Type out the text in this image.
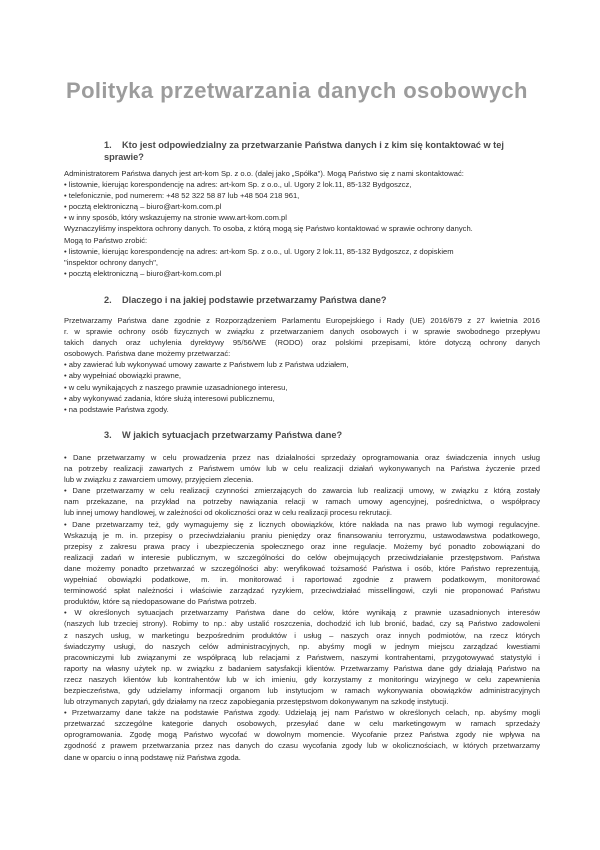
Polityka przetwarzania danych osobowych
1. Kto jest odpowiedzialny za przetwarzanie Państwa danych i z kim się kontaktować w tej sprawie?

Administratorem Państwa danych jest art-kom Sp. z o.o. (dalej jako „Spółka"). Mogą Państwo się z nami skontaktować:

• listownie, kierując korespondencję na adres: art-kom Sp. z o.o., ul. Ugory 2 lok.11, 85-132 Bydgoszcz,

• telefonicznie, pod numerem: +48 52 322 58 87 lub +48 504 218 961,

• pocztą elektroniczną – biuro@art-kom.com.pl

• w inny sposób, który wskazujemy na stronie www.art-kom.com.pl

Wyznaczyliśmy inspektora ochrony danych. To osoba, z którą mogą się Państwo kontaktować w sprawie ochrony danych.

Mogą to Państwo zrobić:

• listownie, kierując korespondencję na adres: art-kom Sp. z o.o., ul. Ugory 2 lok.11, 85-132 Bydgoszcz, z dopiskiem

"inspektor ochrony danych",

• pocztą elektroniczną – biuro@art-kom.com.pl

2. Dlaczego i na jakiej podstawie przetwarzamy Państwa dane?

Przetwarzamy Państwa dane zgodnie z Rozporządzeniem Parlamentu Europejskiego i Rady (UE) 2016/679 z 27 kwietnia 2016

r. w sprawie ochrony osób fizycznych w związku z przetwarzaniem danych osobowych i w sprawie swobodnego przepływu

takich danych oraz uchylenia dyrektywy 95/56/WE (RODO) oraz polskimi przepisami, które dotyczą ochrony danych

osobowych. Państwa dane możemy przetwarzać:

• aby zawierać lub wykonywać umowy zawarte z Państwem lub z Państwa udziałem,

• aby wypełniać obowiązki prawne,

• w celu wynikających z naszego prawnie uzasadnionego interesu,

• aby wykonywać zadania, które służą interesowi publicznemu,

• na podstawie Państwa zgody.

3. W jakich sytuacjach przetwarzamy Państwa dane?

• Dane przetwarzamy w celu prowadzenia przez nas działalności sprzedaży oprogramowania oraz świadczenia innych usług

na potrzeby realizacji zawartych z Państwem umów lub w celu realizacji działań wykonywanych na Państwa życzenie przed

lub w związku z zawarciem umowy, przyjęciem zlecenia.

• Dane przetwarzamy w celu realizacji czynności zmierzających do zawarcia lub realizacji umowy, w związku z którą zostały

nam przekazane, na przykład na potrzeby nawiązania relacji w ramach umowy agencyjnej, pośrednictwa, o współpracy

lub innej umowy handlowej, w zależności od okoliczności oraz w celu realizacji procesu rekrutacji.

• Dane przetwarzamy też, gdy wymagujemy się z licznych obowiązków, które nakłada na nas prawo lub wymogi regulacyjne.

Wskazują je m. in. przepisy o przeciwdziałaniu praniu pieniędzy oraz finansowaniu terroryzmu, ustawodawstwa podatkowego,

przepisy z zakresu prawa pracy i ubezpieczenia społecznego oraz inne regulacje. Możemy być ponadto zobowiązani do

realizacji zadań w interesie publicznym, w szczególności do celów obejmujących przeciwdziałanie przestępstwom. Państwa

dane możemy ponadto przetwarzać w szczególności aby: weryfikować tożsamość Państwa i osób, które Państwo reprezentują,

wypełniać obowiązki podatkowe, m. in. monitorować i raportować zgodnie z prawem podatkowym, monitorować

terminowość spłat należności i właściwie zarządzać ryzykiem, przeciwdziałać missellingowi, czyli nie proponować Państwu

produktów, które są niedopasowane do Państwa potrzeb.

• W określonych sytuacjach przetwarzamy Państwa dane do celów, które wynikają z prawnie uzasadnionych interesów

(naszych lub trzeciej strony). Robimy to np.: aby ustalić roszczenia, dochodzić ich lub bronić, badać, czy są Państwo zadowoleni

z naszych usług, w marketingu bezpośrednim produktów i usług – naszych oraz innych podmiotów, na rzecz których

świadczymy usługi, do naszych celów administracyjnych, np. abyśmy mogli w jednym miejscu zarządzać kwestiami

pracowniczymi lub związanymi ze współpracą lub relacjami z Państwem, naszymi kontrahentami, przygotowywać statystyki i

raporty na własny użytek np. w związku z badaniem satysfakcji klientów. Przetwarzamy Państwa dane gdy działają Państwo na

rzecz naszych klientów lub kontrahentów lub w ich imieniu, gdy korzystamy z monitoringu wizyjnego w celu zapewnienia

bezpieczeństwa, gdy udzielamy informacji organom lub instytucjom w ramach wykonywania obowiązków administracyjnych

lub otrzymanych zapytań, gdy działamy na rzecz zapobiegania przestępstwom dokonywanym na szkodę instytucji.

• Przetwarzamy dane także na podstawie Państwa zgody. Udzielają jej nam Państwo w określonych celach, np. abyśmy mogli

przetwarzać szczególne kategorie danych osobowych, przesyłać dane w celu marketingowym w ramach sprzedaży

oprogramowania. Zgodę mogą Państwo wycofać w dowolnym momencie. Wycofanie przez Państwa zgody nie wpływa na

zgodność z prawem przetwarzania przez nas danych do czasu wycofania zgody lub w okolicznościach, w których przetwarzamy

dane w oparciu o inną podstawę niż Państwa zgoda.
